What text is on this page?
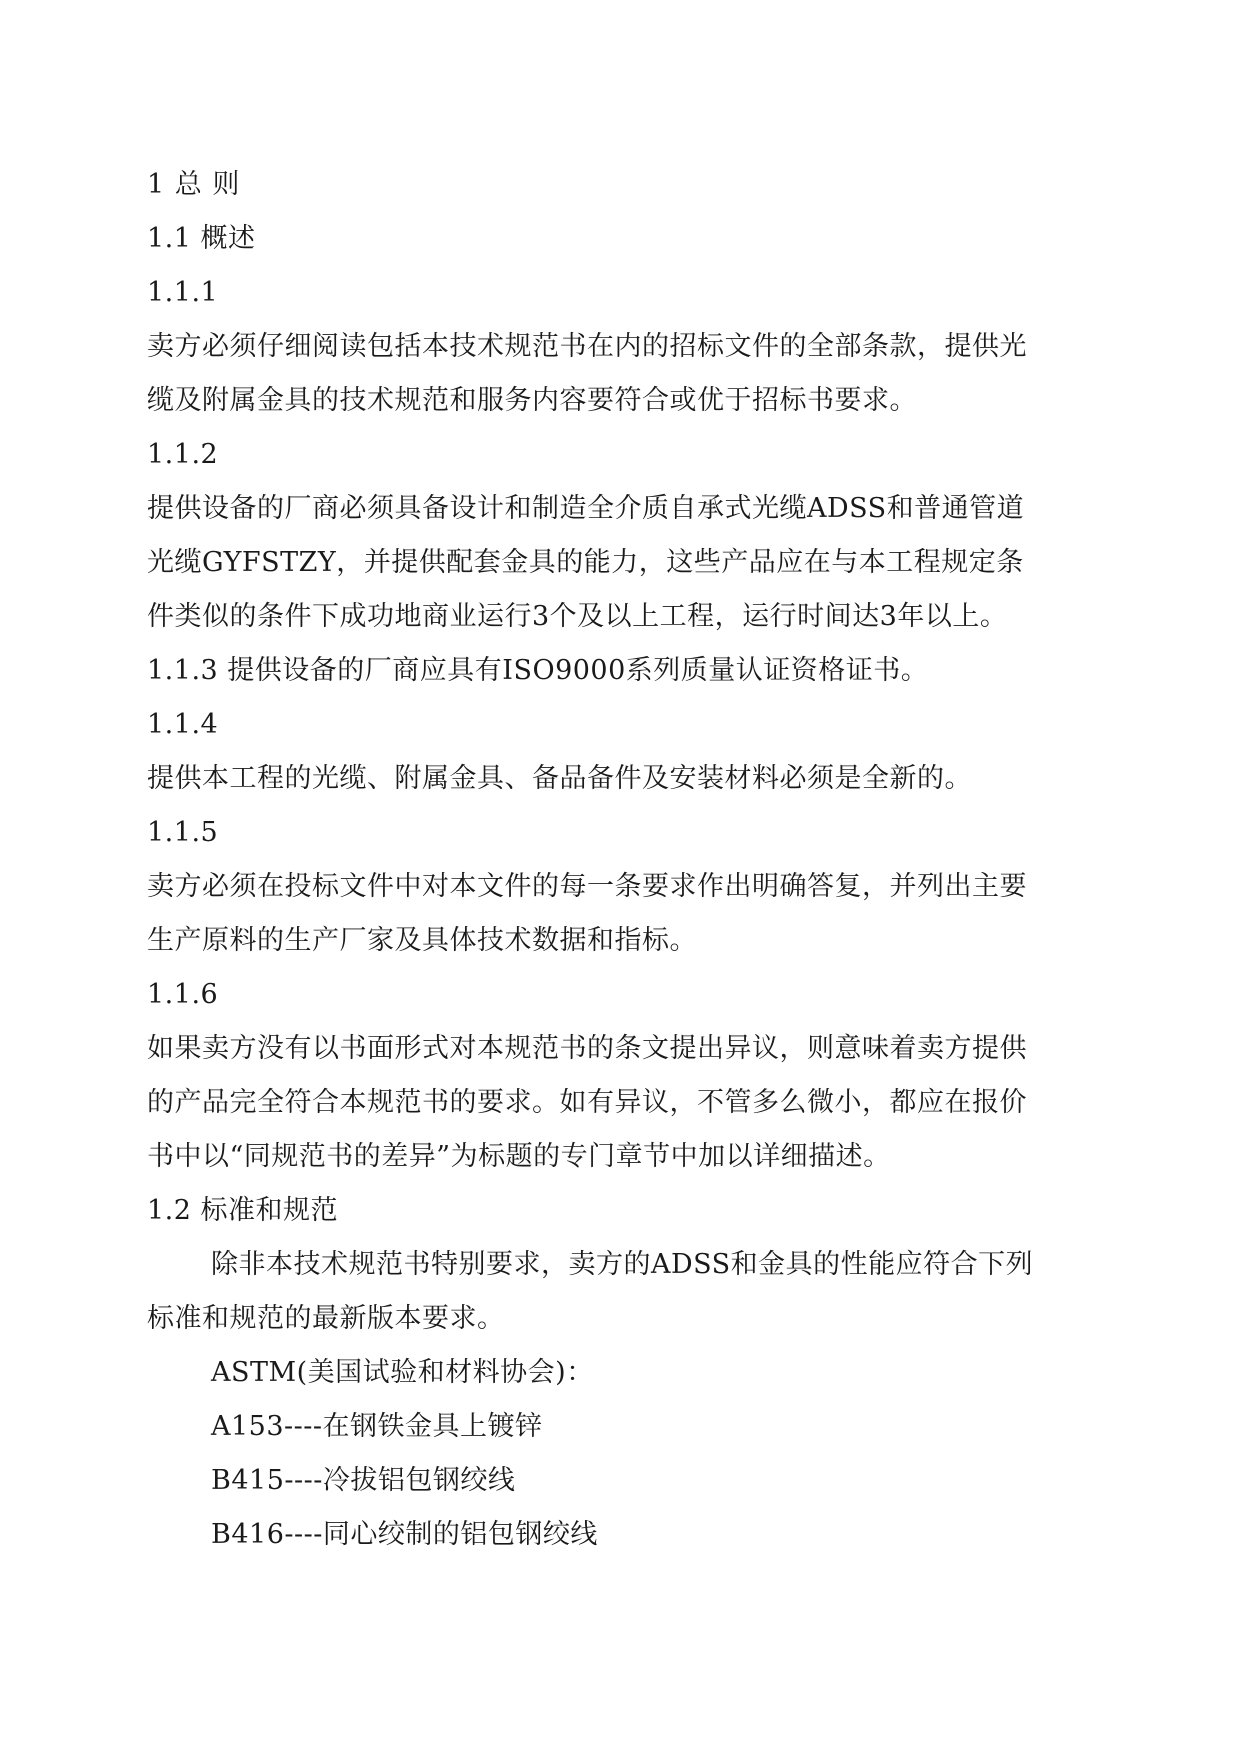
1 总 则
1.1 概述
1.1.1
卖方必须仔细阅读包括本技术规范书在内的招标文件的全部条款，提供光
缆及附属金具的技术规范和服务内容要符合或优于招标书要求。
1.1.2
提供设备的厂商必须具备设计和制造全介质自承式光缆ADSS和普通管道
光缆GYFSTZY，并提供配套金具的能力，这些产品应在与本工程规定条
件类似的条件下成功地商业运行3个及以上工程，运行时间达3年以上。
1.1.3 提供设备的厂商应具有ISO9000系列质量认证资格证书。
1.1.4
提供本工程的光缆、附属金具、备品备件及安装材料必须是全新的。
1.1.5
卖方必须在投标文件中对本文件的每一条要求作出明确答复，并列出主要
生产原料的生产厂家及具体技术数据和指标。
1.1.6
如果卖方没有以书面形式对本规范书的条文提出异议，则意味着卖方提供
的产品完全符合本规范书的要求。如有异议，不管多么微小，都应在报价
书中以“同规范书的差异”为标题的专门章节中加以详细描述。
1.2 标准和规范
除非本技术规范书特别要求，卖方的ADSS和金具的性能应符合下列
标准和规范的最新版本要求。
ASTM(美国试验和材料协会)：
A153----在钢铁金具上镀锌
B415----冷拔铝包钢绞线
B416----同心绞制的铝包钢绞线
